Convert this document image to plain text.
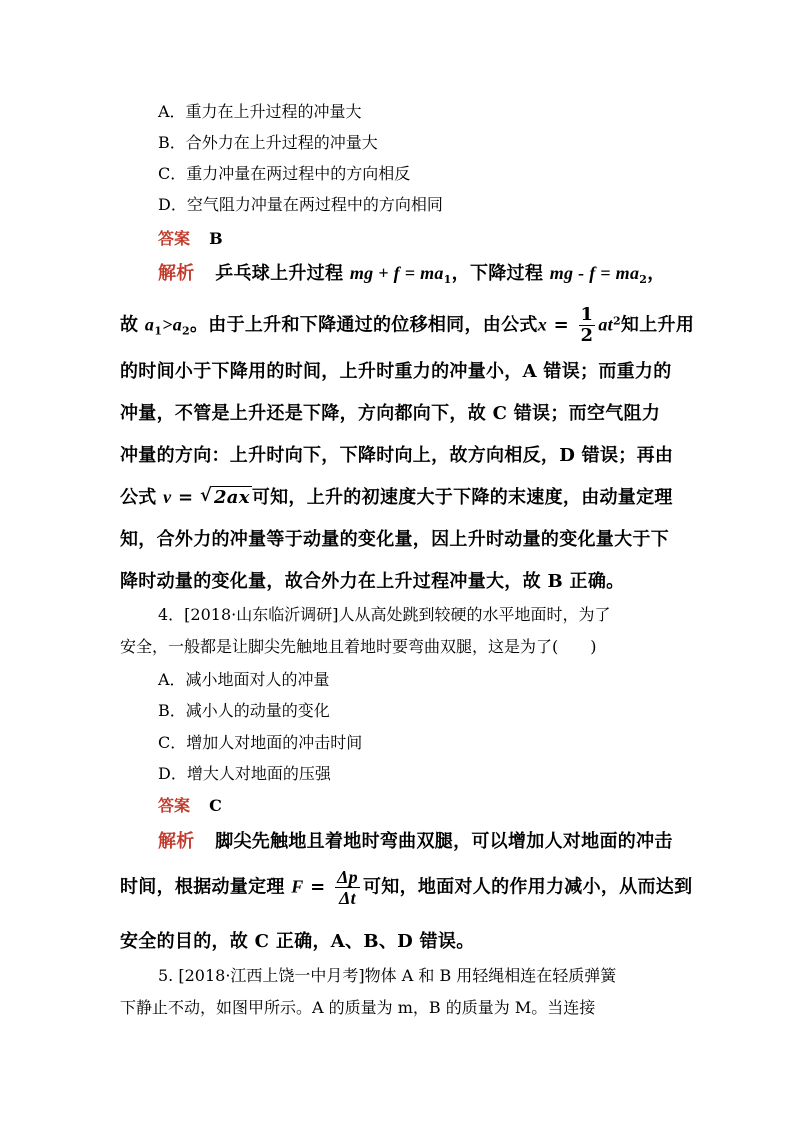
A．重力在上升过程的冲量大
B．合外力在上升过程的冲量大
C．重力冲量在两过程中的方向相反
D．空气阻力冲量在两过程中的方向相同
答案 B
解析 乒乓球上升过程 mg + $f = ma_1$，下降过程 mg - $f = ma_2$，
故 $a_1>a_2$。由于上升和下降通过的位移相同，由公式$x = \frac{1}{2} at^2$知上升用
的时间小于下降用的时间，上升时重力的冲量小，A 错误；而重力的
冲量，不管是上升还是下降，方向都向下，故 C 错误；而空气阻力
冲量的方向：上升时向下，下降时向上，故方向相反，D 错误；再由
公式 v = √ 2ax 可知，上升的初速度大于下降的末速度，由动量定理
知，合外力的冲量等于动量的变化量，因上升时动量的变化量大于下
降时动量的变化量，故合外力在上升过程冲量大，故 B 正确。
4．[2018·山东临沂调研]人从高处跳到较硬的水平地面时，为了
安全，一般都是让脚尖先触地且着地时要弯曲双腿，这是为了(　　)
A．减小地面对人的冲量
B．减小人的动量的变化
C．增加人对地面的冲击时间
D．增大人对地面的压强
答案 C
解析 脚尖先触地且着地时弯曲双腿，可以增加人对地面的冲击
时间，根据动量定理 $F = \frac{\Delta p}{\Delta t}$ 可知，地面对人的作用力减小，从而达到
安全的目的，故 C 正确，A、B、D 错误。
5. [2018·江西上饶一中月考]物体 A 和 B 用轻绳相连在轻质弹簧
下静止不动，如图甲所示。A 的质量为 m，B 的质量为 M。当连接
